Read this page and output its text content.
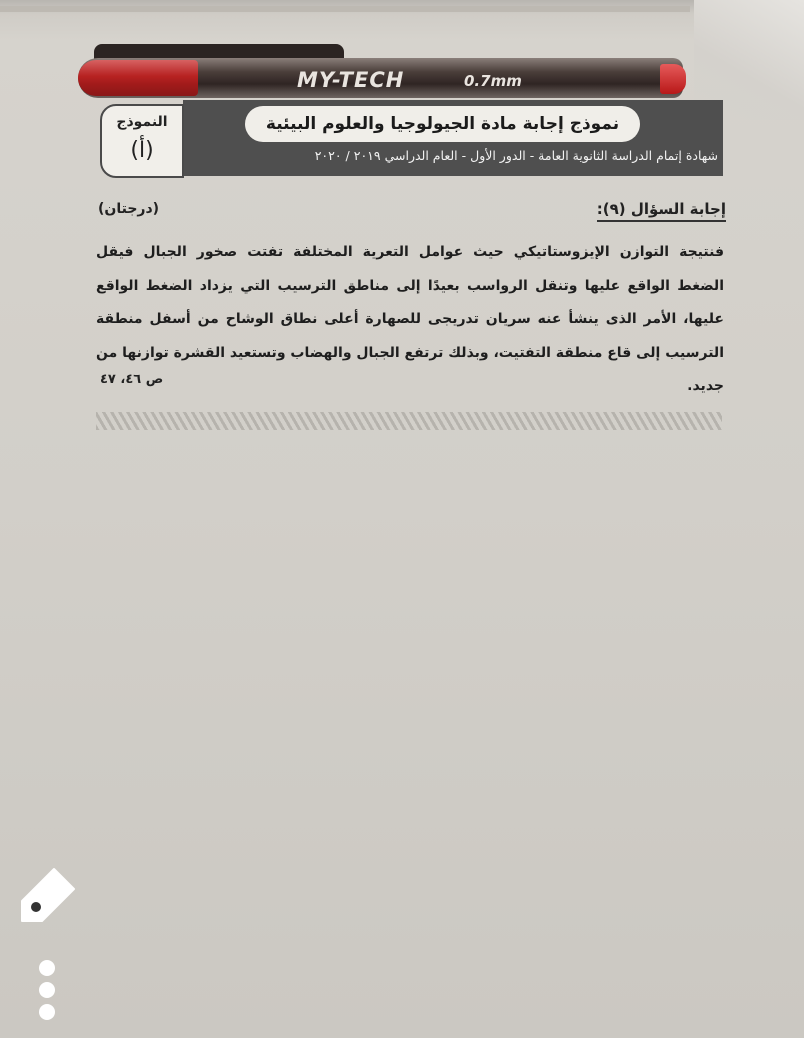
MY-TECH	0.7mm
نموذج إجابة مادة الجيولوجيا والعلوم البيئية
شهادة إتمام الدراسة الثانوية العامة - الدور الأول - العام الدراسي ٢٠١٩ / ٢٠٢٠
النموذج
(أ)
إجابة السؤال (٩):
(درجتان)
فنتيجة التوازن الإيزوستاتيكي حيث عوامل التعرية المختلفة تفتت صخور الجبال فيقل الضغط الواقع عليها وتنقل الرواسب بعيدًا إلى مناطق الترسيب التي يزداد الضغط الواقع عليها، الأمر الذى ينشأ عنه سريان تدريجى للصهارة أعلى نطاق الوشاح من أسفل منطقة الترسيب إلى قاع منطقة التفتيت، وبذلك ترتفع الجبال والهضاب وتستعيد القشرة توازنها من جديد.
ص ٤٦، ٤٧
